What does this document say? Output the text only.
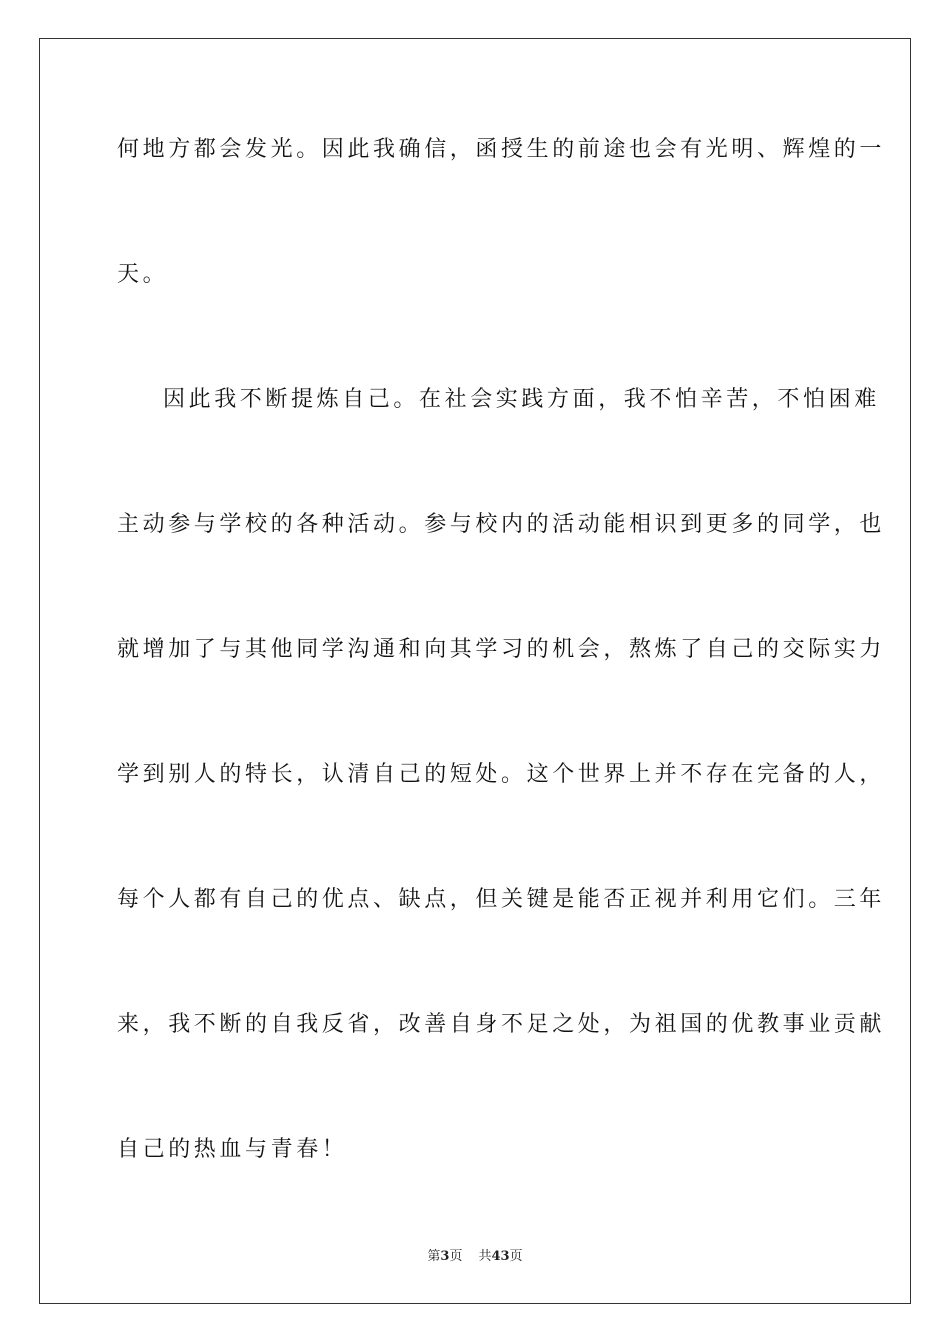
何地方都会发光。因此我确信，函授生的前途也会有光明、辉煌的一
天。
因此我不断提炼自己。在社会实践方面，我不怕辛苦，不怕困难
主动参与学校的各种活动。参与校内的活动能相识到更多的同学，也
就增加了与其他同学沟通和向其学习的机会，熬炼了自己的交际实力
学到别人的特长，认清自己的短处。这个世界上并不存在完备的人，
每个人都有自己的优点、缺点，但关键是能否正视并利用它们。三年
来，我不断的自我反省，改善自身不足之处，为祖国的优教事业贡献
自己的热血与青春！
第3页 共43页
